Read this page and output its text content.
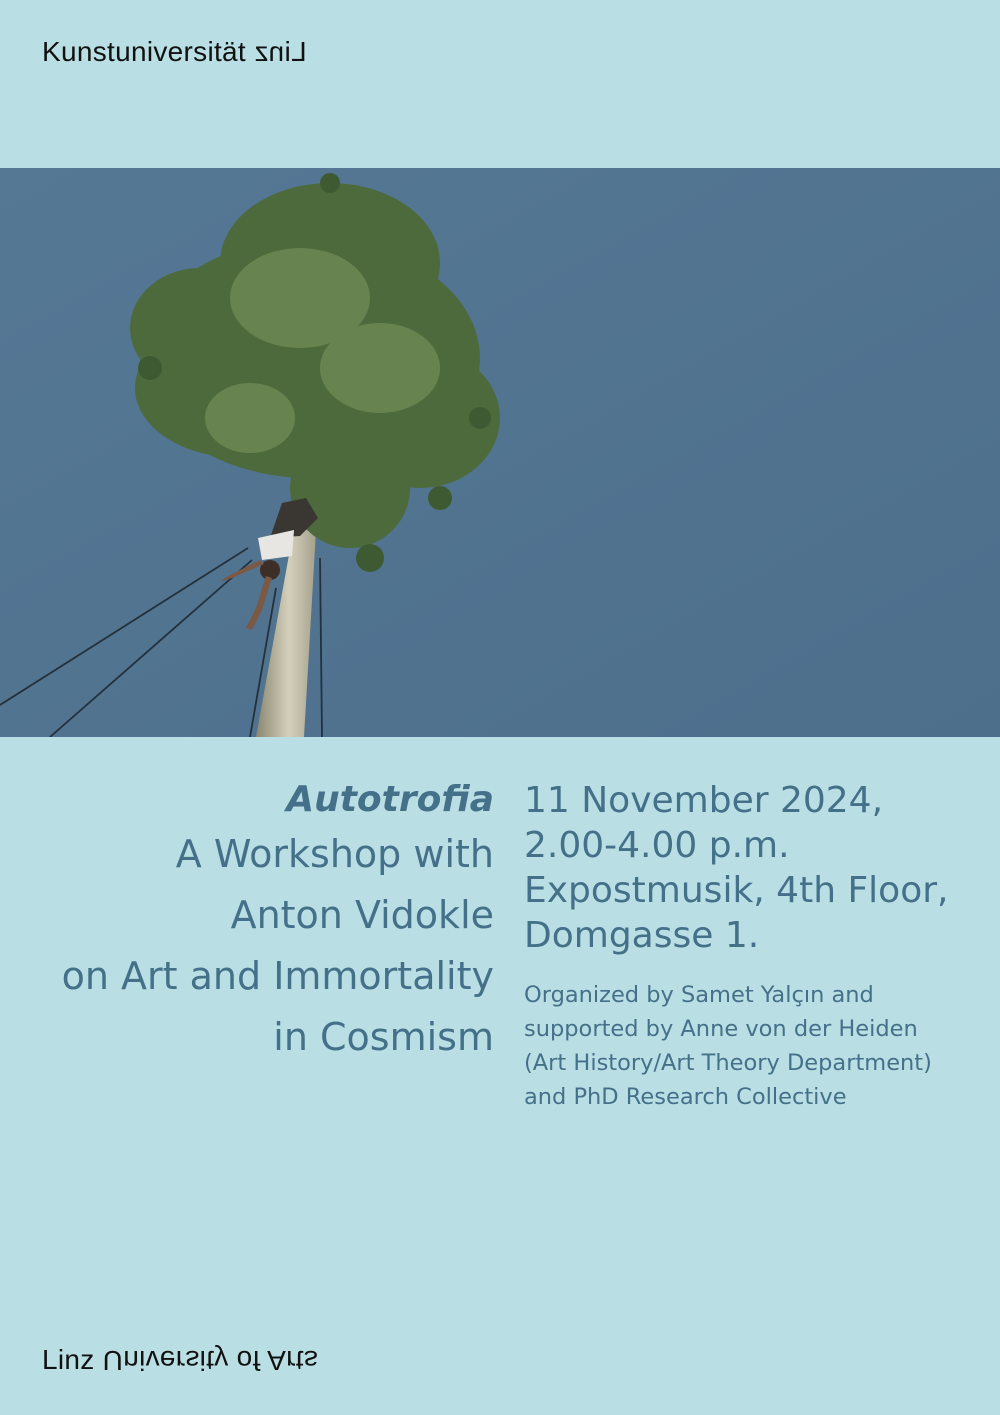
Kunstuniversität Linz

Autotrofia

A Workshop with

Anton Vidokle

on Art and Immortality

in Cosmism

11 November 2024,

2.00-4.00 p.m.

Expostmusik, 4th Floor,

Domgasse 1.

Organized by Samet Yalçın and
supported by Anne von der Heiden
(Art History/Art Theory Department)
and PhD Research Collective
Linz University of Arts
